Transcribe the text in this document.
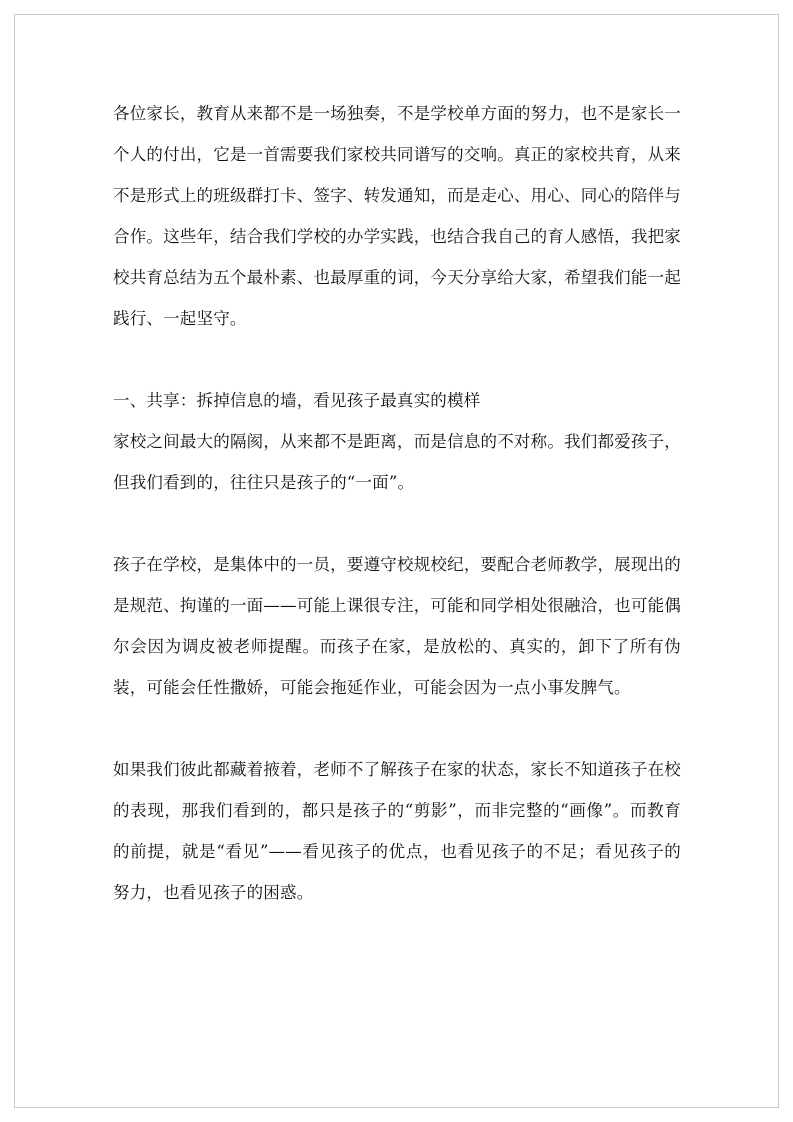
各位家长，教育从来都不是一场独奏，不是学校单方面的努力，也不是家长一个人的付出，它是一首需要我们家校共同谱写的交响。真正的家校共育，从来不是形式上的班级群打卡、签字、转发通知，而是走心、用心、同心的陪伴与合作。这些年，结合我们学校的办学实践，也结合我自己的育人感悟，我把家校共育总结为五个最朴素、也最厚重的词，今天分享给大家，希望我们能一起践行、一起坚守。

一、共享：拆掉信息的墙，看见孩子最真实的模样

家校之间最大的隔阂，从来都不是距离，而是信息的不对称。我们都爱孩子，但我们看到的，往往只是孩子的“一面”。

孩子在学校，是集体中的一员，要遵守校规校纪，要配合老师教学，展现出的是规范、拘谨的一面——可能上课很专注，可能和同学相处很融洽，也可能偶尔会因为调皮被老师提醒。而孩子在家，是放松的、真实的，卸下了所有伪装，可能会任性撒娇，可能会拖延作业，可能会因为一点小事发脾气。

如果我们彼此都藏着掖着，老师不了解孩子在家的状态，家长不知道孩子在校的表现，那我们看到的，都只是孩子的“剪影”，而非完整的“画像”。而教育的前提，就是“看见”——看见孩子的优点，也看见孩子的不足；看见孩子的努力，也看见孩子的困惑。
